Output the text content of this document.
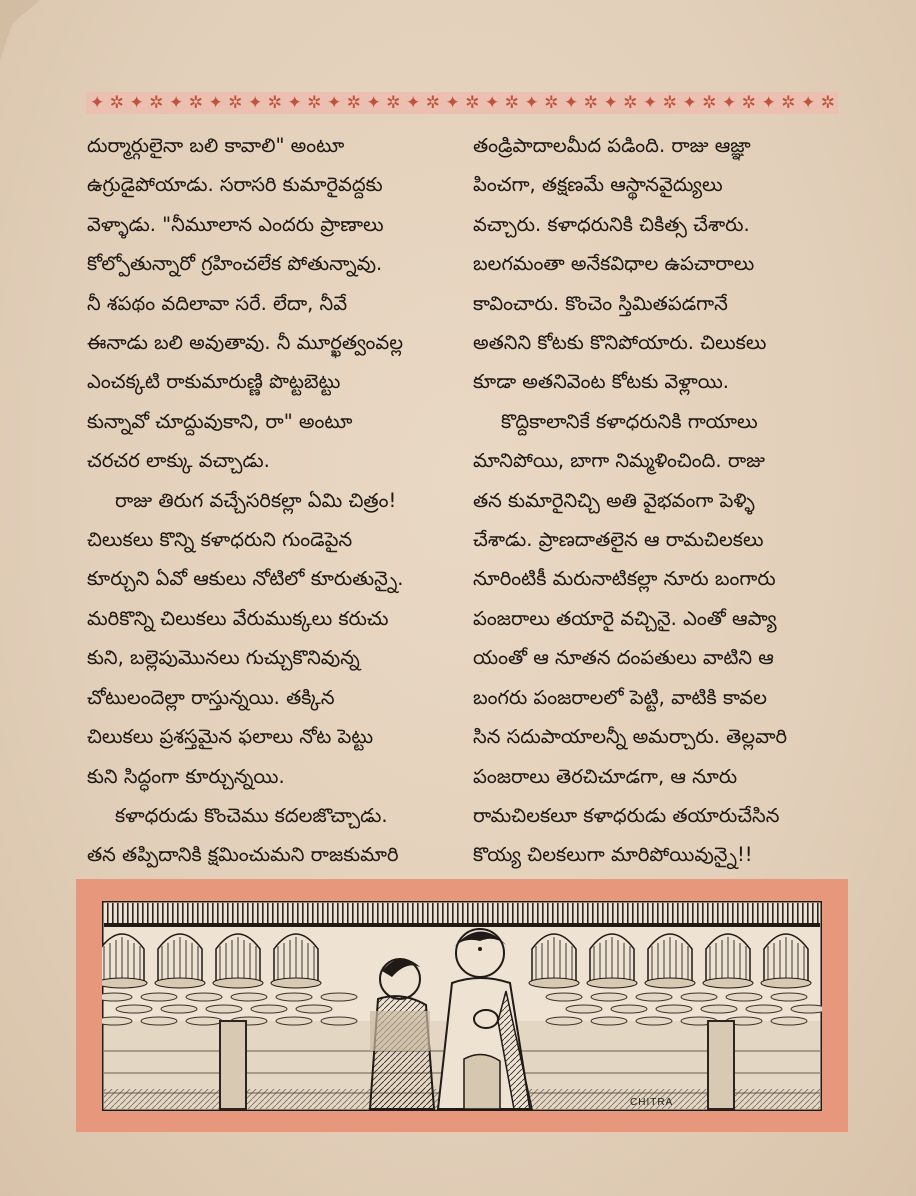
✦ ✲ ✦ ✲ ✦ ✲ ✦ ✲ ✦ ✲ ✦ ✲ ✦ ✲ ✦ ✲ ✦ ✲ ✦ ✲ ✦ ✲ ✦ ✲ ✦ ✲ ✦ ✲ ✦ ✲ ✦ ✲ ✦ ✲ ✦ ✲ ✦ ✲
దుర్మార్గులైనా బలి కావాలి" అంటూ
ఉగ్రుడైపోయాడు. సరాసరి కుమారైవద్దకు
వెళ్ళాడు. "నీమూలాన ఎందరు ప్రాణాలు
కోల్పోతున్నారో గ్రహించలేక పోతున్నావు.
నీ శపథం వదిలావా సరే. లేదా, నీవే
ఈనాడు బలి అవుతావు. నీ మూర్ఖత్వంవల్ల
ఎంచక్కటి రాకుమారుణ్ణి పొట్టబెట్టు
కున్నావో చూద్దువుకాని, రా" అంటూ
చరచర లాక్కు వచ్చాడు.
రాజు తిరుగ వచ్చేసరికల్లా ఏమి చిత్రం!
చిలుకలు కొన్ని కళాధరుని గుండెపైన
కూర్చుని ఏవో ఆకులు నోటిలో కూరుతున్నై.
మరికొన్ని చిలుకలు వేరుముక్కలు కరుచు
కుని, బల్లెపుమొనలు గుచ్చుకొనివున్న
చోటులందెల్లా రాస్తున్నయి. తక్కిన
చిలుకలు ప్రశస్తమైన ఫలాలు నోట పెట్టు
కుని సిద్ధంగా కూర్చున్నయి.
కళాధరుడు కొంచెము కదలజొచ్చాడు.
తన తప్పిదానికి క్షమించుమని రాజకుమారి
తండ్రిపాదాలమీద పడింది. రాజు ఆజ్ఞా
పించగా, తక్షణమే ఆస్థానవైద్యులు
వచ్చారు. కళాధరునికి చికిత్స చేశారు.
బలగమంతా అనేకవిధాల ఉపచారాలు
కావించారు. కొంచెం స్తిమితపడగానే
అతనిని కోటకు కొనిపోయారు. చిలుకలు
కూడా అతనివెంట కోటకు వెళ్లాయి.
కొద్దికాలానికే కళాధరునికి గాయాలు
మానిపోయి, బాగా నిమ్మళించింది. రాజు
తన కుమారైనిచ్చి అతి వైభవంగా పెళ్ళి
చేశాడు. ప్రాణదాతలైన ఆ రామచిలకలు
నూరింటికీ మరునాటికల్లా నూరు బంగారు
పంజరాలు తయారై వచ్చినై. ఎంతో ఆప్యా
యంతో ఆ నూతన దంపతులు వాటిని ఆ
బంగరు పంజరాలలో పెట్టి, వాటికి కావల
సిన సదుపాయాలన్నీ అమర్చారు. తెల్లవారి
పంజరాలు తెరచిచూడగా, ఆ నూరు
రామచిలకలూ కళాధరుడు తయారుచేసిన
కొయ్య చిలకలుగా మారిపోయివున్నై!!
CHITRA
